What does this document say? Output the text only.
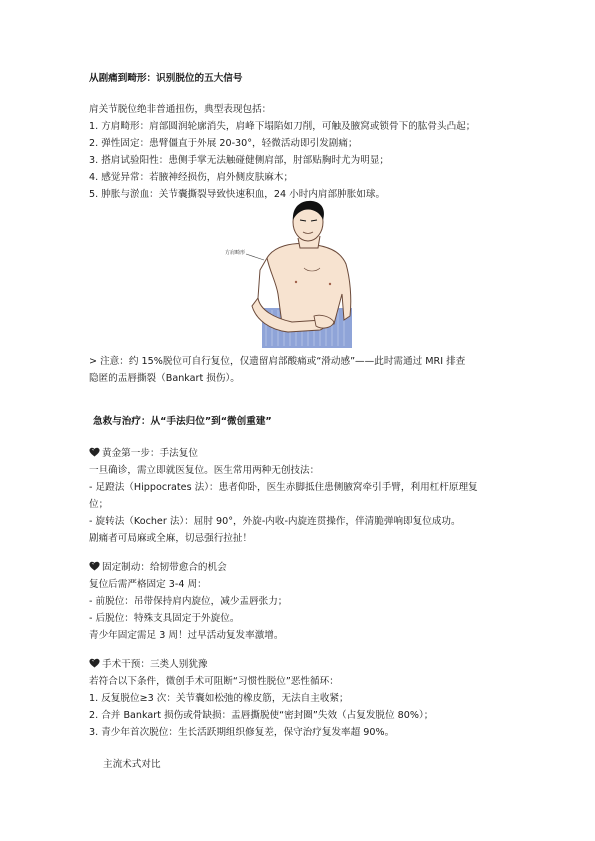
从剧痛到畸形：识别脱位的五大信号
肩关节脱位绝非普通扭伤，典型表现包括：
1. 方肩畸形：肩部圆润轮廓消失，肩峰下塌陷如刀削，可触及腋窝或锁骨下的肱骨头凸起；
2. 弹性固定：患臂僵直于外展 20-30°，轻微活动即引发剧痛；
3. 搭肩试验阳性：患侧手掌无法触碰健侧肩部，肘部贴胸时尤为明显；
4. 感觉异常：若腋神经损伤，肩外侧皮肤麻木；
5. 肿胀与淤血：关节囊撕裂导致快速积血，24 小时内肩部肿胀如球。
方肩畸形
> 注意：约 15%脱位可自行复位，仅遗留肩部酸痛或“滑动感”——此时需通过 MRI 排查
隐匿的盂唇撕裂（Bankart 损伤）。
急救与治疗：从“手法归位”到“微创重建”
黄金第一步：手法复位
一旦确诊，需立即就医复位。医生常用两种无创技法：
- 足蹬法（Hippocrates 法）：患者仰卧，医生赤脚抵住患侧腋窝牵引手臂，利用杠杆原理复
位；
- 旋转法（Kocher 法）：屈肘 90°，外旋-内收-内旋连贯操作，伴清脆弹响即复位成功。
剧痛者可局麻或全麻，切忌强行拉扯！
固定制动：给韧带愈合的机会
复位后需严格固定 3-4 周：
- 前脱位：吊带保持肩内旋位，减少盂唇张力；
- 后脱位：特殊支具固定于外旋位。
青少年固定需足 3 周！过早活动复发率激增。
手术干预：三类人别犹豫
若符合以下条件，微创手术可阻断“习惯性脱位”恶性循环：
1. 反复脱位≥3 次：关节囊如松弛的橡皮筋，无法自主收紧；
2. 合并 Bankart 损伤或骨缺损：盂唇撕脱使“密封圈”失效（占复发脱位 80%）；
3. 青少年首次脱位：生长活跃期组织修复差，保守治疗复发率超 90%。
主流术式对比
